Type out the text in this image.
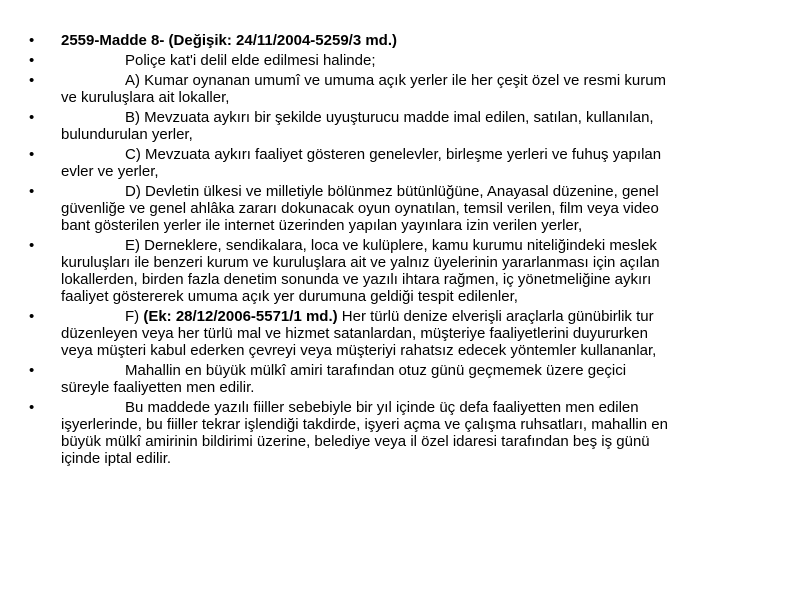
• 2559-Madde 8- (Değişik: 24/11/2004-5259/3 md.)
•	Poliçe kat'i delil elde edilmesi halinde;
•	A) Kumar oynanan umumî ve umuma açık yerler ile her çeşit özel ve resmi kurum ve kuruluşlara ait lokaller,
•	B) Mevzuata aykırı bir şekilde uyuşturucu madde imal edilen, satılan, kullanılan, bulundurulan yerler,
•	C) Mevzuata aykırı faaliyet gösteren genelevler, birleşme yerleri ve fuhuş yapılan evler ve yerler,
•	D) Devletin ülkesi ve milletiyle bölünmez bütünlüğüne, Anayasal düzenine, genel güvenliğe ve genel ahlâka zararı dokunacak oyun oynatılan, temsil verilen, film veya video bant gösterilen yerler ile internet üzerinden yapılan yayınlara izin verilen yerler,
•	E) Derneklere, sendikalara, loca ve kulüplere, kamu kurumu niteliğindeki meslek kuruluşları ile benzeri kurum ve kuruluşlara ait ve yalnız üyelerinin yararlanması için açılan lokallerden, birden fazla denetim sonunda ve yazılı ihtara rağmen, iç yönetmeliğine aykırı faaliyet göstererek umuma açık yer durumuna geldiği tespit edilenler,
•	F) (Ek: 28/12/2006-5571/1 md.) Her türlü denize elverişli araçlarla günübirlik tur düzenleyen veya her türlü mal ve hizmet satanlardan, müşteriye faaliyetlerini duyururken veya müşteri kabul ederken çevreyi veya müşteriyi rahatsız edecek yöntemler kullananlar,
•	Mahallin en büyük mülkî amiri tarafından otuz günü geçmemek üzere geçici süreyle faaliyetten men edilir.
•	Bu maddede yazılı fiiller sebebiyle bir yıl içinde üç defa faaliyetten men edilen işyerlerinde, bu fiiller tekrar işlendiği takdirde, işyeri açma ve çalışma ruhsatları, mahallin en büyük mülkî amirinin bildirimi üzerine, belediye veya il özel idaresi tarafından beş iş günü içinde iptal edilir.
